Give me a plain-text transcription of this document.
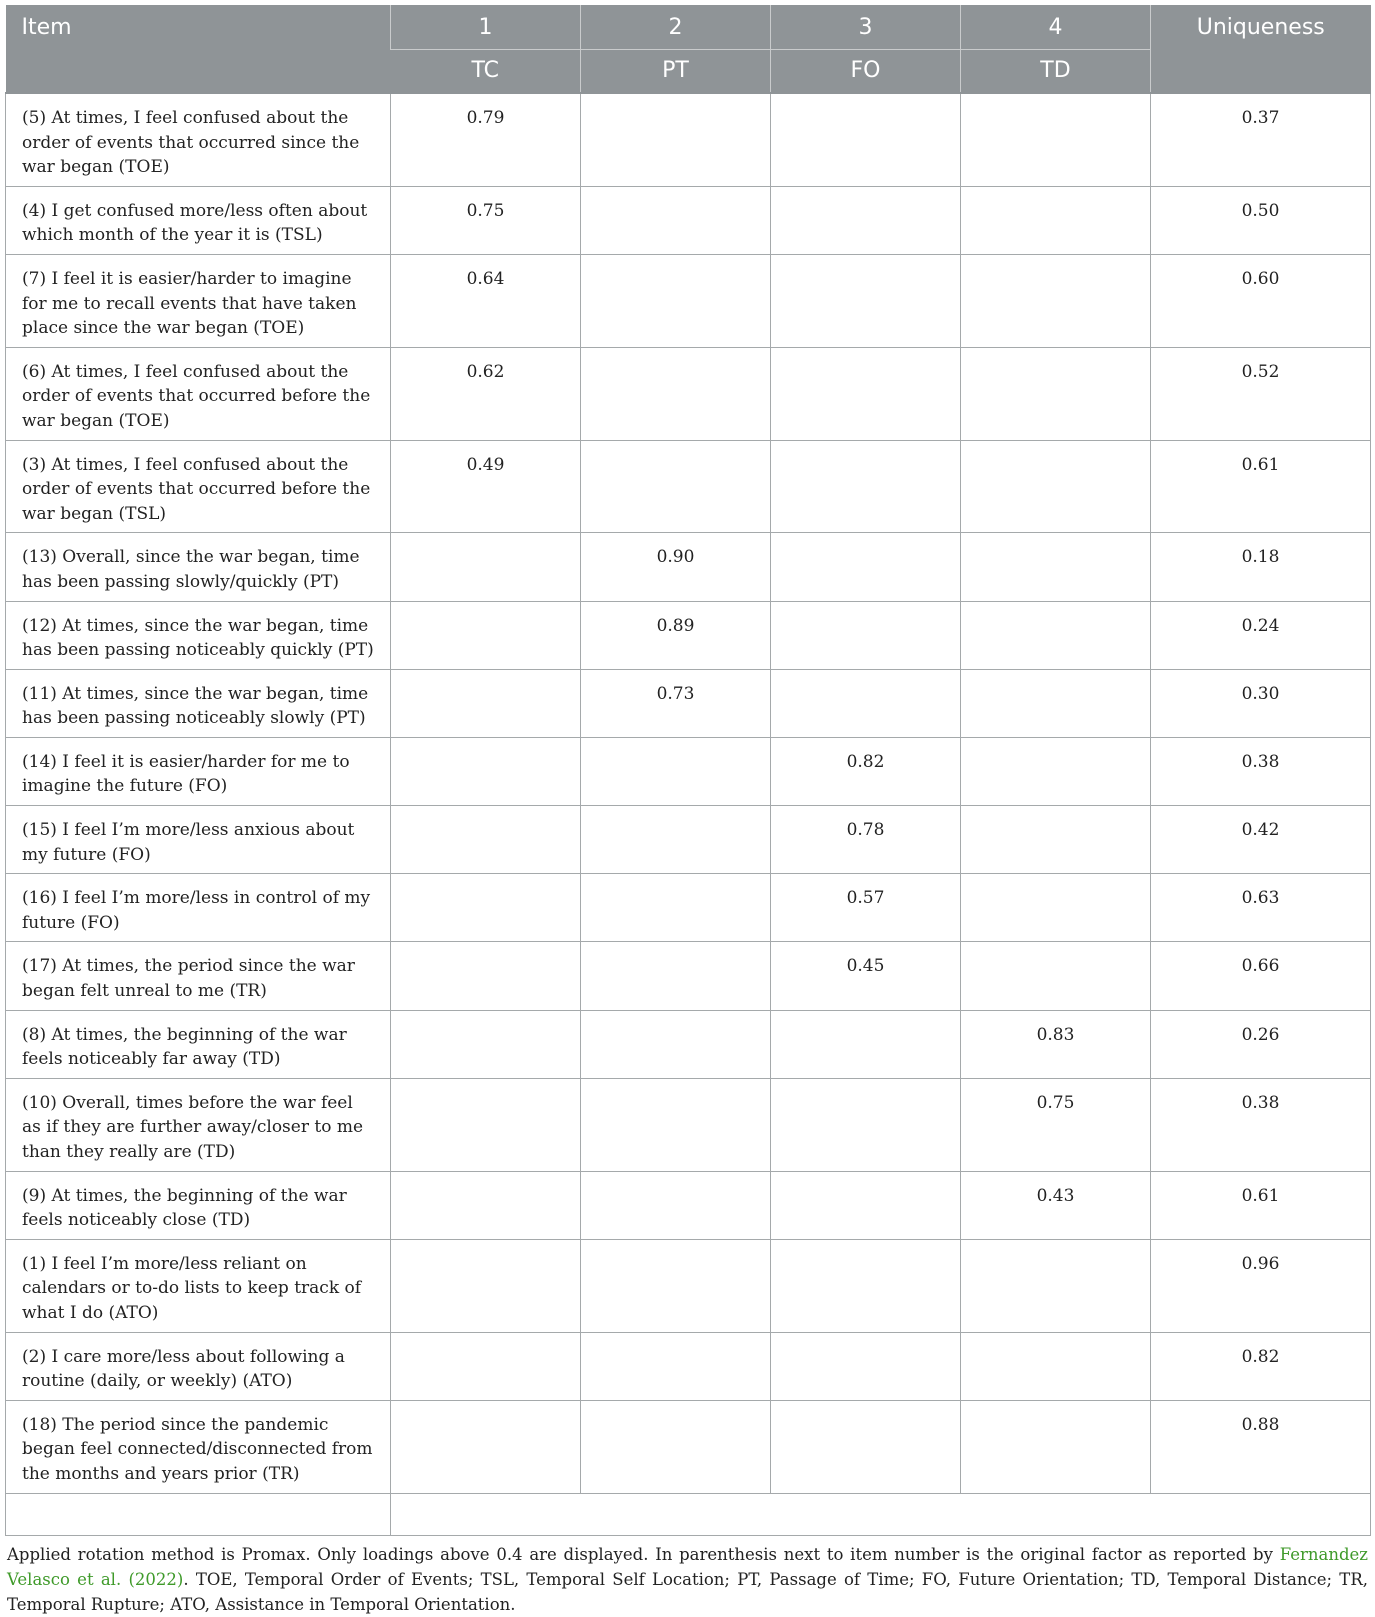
Item	1	2	3	4	Uniqueness
	TC	PT	FO	TD	
(5) At times, I feel confused about the order of events that occurred since the war began (TOE)	0.79				0.37
(4) I get confused more/less often about which month of the year it is (TSL)	0.75				0.50
(7) I feel it is easier/harder to imagine for me to recall events that have taken place since the war began (TOE)	0.64				0.60
(6) At times, I feel confused about the order of events that occurred before the war began (TOE)	0.62				0.52
(3) At times, I feel confused about the order of events that occurred before the war began (TSL)	0.49				0.61
(13) Overall, since the war began, time has been passing slowly/quickly (PT)		0.90			0.18
(12) At times, since the war began, time has been passing noticeably quickly (PT)		0.89			0.24
(11) At times, since the war began, time has been passing noticeably slowly (PT)		0.73			0.30
(14) I feel it is easier/harder for me to imagine the future (FO)			0.82		0.38
(15) I feel I’m more/less anxious about my future (FO)			0.78		0.42
(16) I feel I’m more/less in control of my future (FO)			0.57		0.63
(17) At times, the period since the war began felt unreal to me (TR)			0.45		0.66
(8) At times, the beginning of the war feels noticeably far away (TD)				0.83	0.26
(10) Overall, times before the war feel as if they are further away/closer to me than they really are (TD)				0.75	0.38
(9) At times, the beginning of the war feels noticeably close (TD)				0.43	0.61
(1) I feel I’m more/less reliant on calendars or to-do lists to keep track of what I do (ATO)					0.96
(2) I care more/less about following a routine (daily, or weekly) (ATO)					0.82
(18) The period since the pandemic began feel connected/disconnected from the months and years prior (TR)					0.88

Applied rotation method is Promax. Only loadings above 0.4 are displayed. In parenthesis next to item number is the original factor as reported by Fernandez Velasco et al. (2022). TOE, Temporal Order of Events; TSL, Temporal Self Location; PT, Passage of Time; FO, Future Orientation; TD, Temporal Distance; TR, Temporal Rupture; ATO, Assistance in Temporal Orientation.
